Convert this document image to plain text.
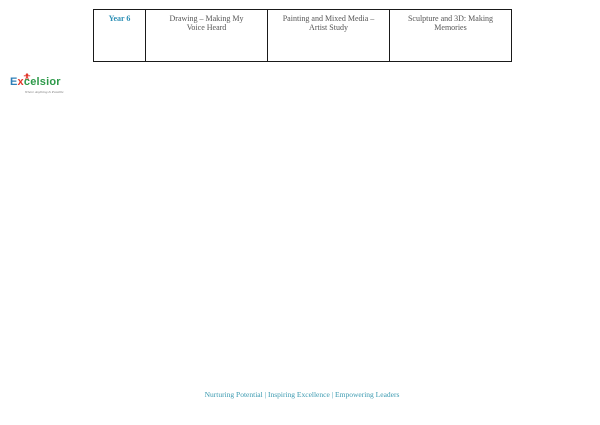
Year 6	Drawing – Making My Voice Heard	Painting and Mixed Media – Artist Study	Sculpture and 3D: Making Memories
Excelsior
Where Anything Is Possible
Nurturing Potential | Inspiring Excellence | Empowering Leaders
